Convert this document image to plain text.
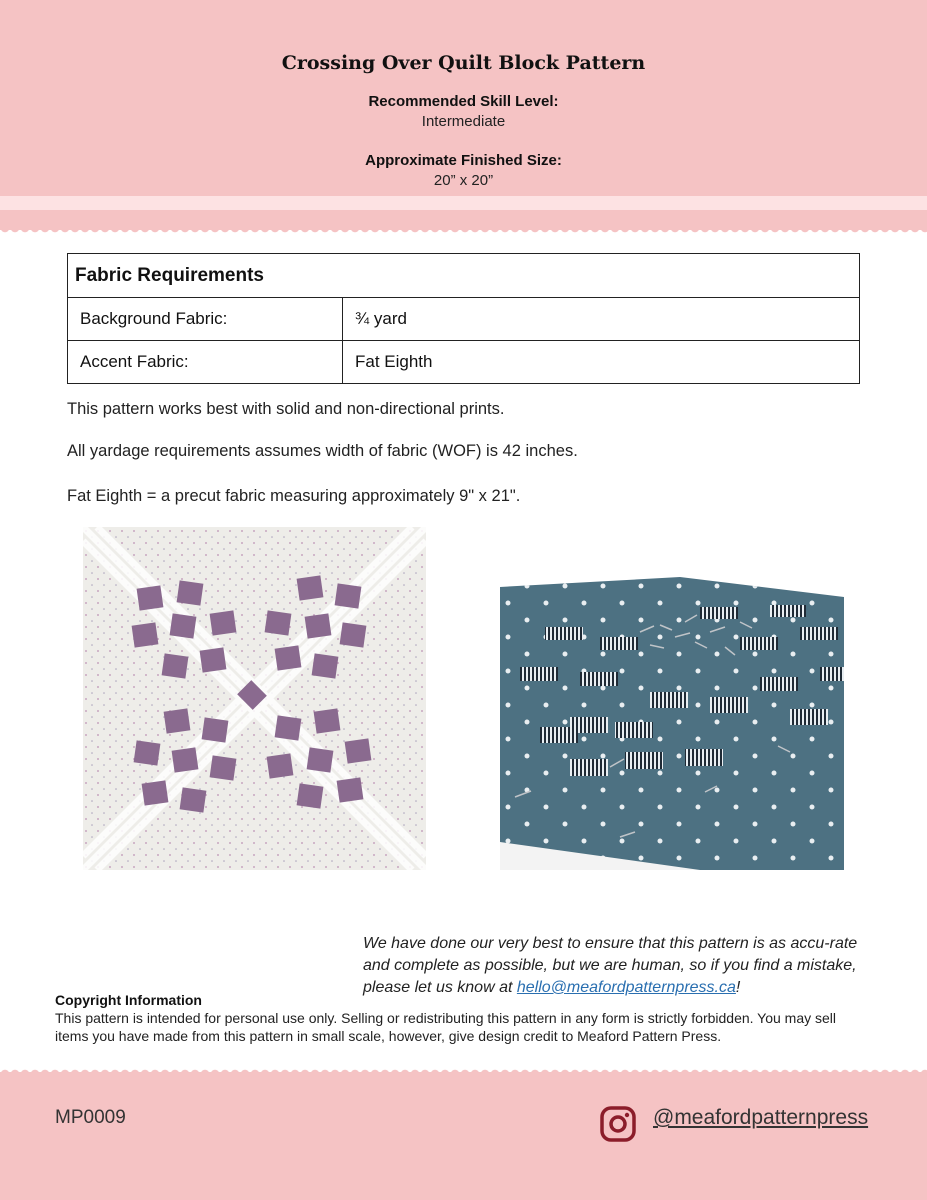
Crossing Over Quilt Block Pattern
Recommended Skill Level:
Intermediate
Approximate Finished Size:
20” x 20”
Fabric Requirements	
Background Fabric:	¾ yard
Accent Fabric:	Fat Eighth

This pattern works best with solid and non-directional prints.

All yardage requirements assumes width of fabric (WOF) is 42 inches.

Fat Eighth = a precut fabric measuring approximately 9" x 21".

We have done our very best to ensure that this pattern is as accu-rate and complete as possible, but we are human, so if you find a mistake, please let us know at hello@meafordpatternpress.ca!

Copyright Information

This pattern is intended for personal use only. Selling or redistributing this pattern in any form is strictly forbidden. You may sell items you have made from this pattern in small scale, however, give design credit to Meaford Pattern Press.

MP0009	@meafordpatternpress
